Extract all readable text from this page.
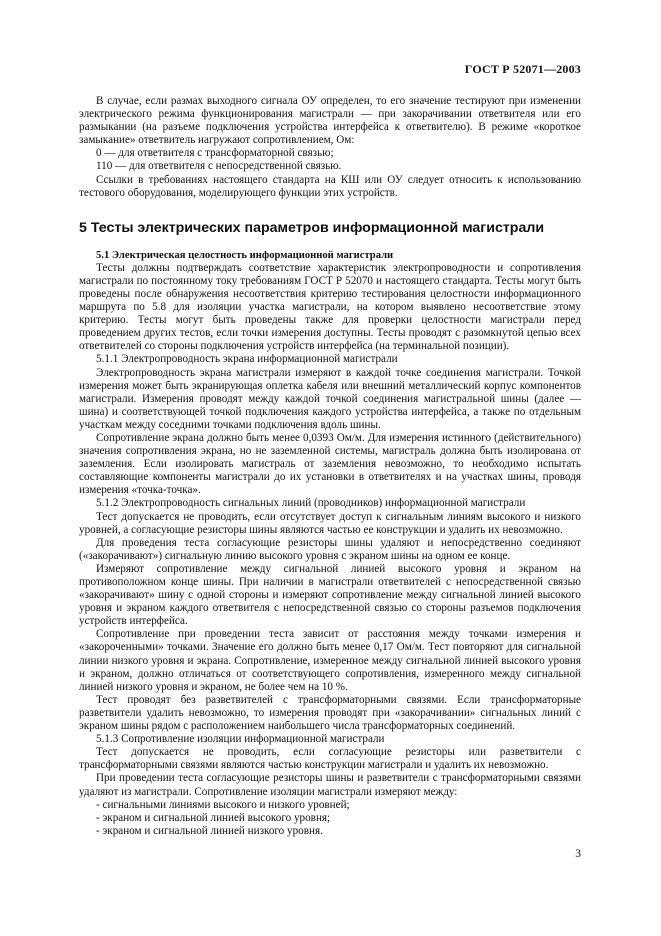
ГОСТ Р 52071—2003

В случае, если размах выходного сигнала ОУ определен, то его значение тестируют при изменении электрического режима функционирования магистрали — при закорачивании ответвителя или его размыкании (на разъеме подключения устройства интерфейса к ответвителю). В режиме «короткое замыкание» ответвитель нагружают сопротивлением, Ом:

0 — для ответвителя с трансформаторной связью;

110 — для ответвителя с непосредственной связью.

Ссылки в требованиях настоящего стандарта на КШ или ОУ следует относить к использованию тестового оборудования, моделирующего функции этих устройств.

5 Тесты электрических параметров информационной магистрали

5.1 Электрическая целостность информационной магистрали

Тесты должны подтверждать соответствие характеристик электропроводности и сопротивления магистрали по постоянному току требованиям ГОСТ Р 52070 и настоящего стандарта. Тесты могут быть проведены после обнаружения несоответствия критерию тестирования целостности информационного маршрута по 5.8 для изоляции участка магистрали, на котором выявлено несоответствие этому критерию. Тесты могут быть проведены также для проверки целостности магистрали перед проведением других тестов, если точки измерения доступны. Тесты проводят с разомкнутой цепью всех ответвителей со стороны подключения устройств интерфейса (на терминальной позиции).

5.1.1 Электропроводность экрана информационной магистрали

Электропроводность экрана магистрали измеряют в каждой точке соединения магистрали. Точкой измерения может быть экранирующая оплетка кабеля или внешний металлический корпус компонентов магистрали. Измерения проводят между каждой точкой соединения магистральной шины (далее — шина) и соответствующей точкой подключения каждого устройства интерфейса, а также по отдельным участкам между соседними точками подключения вдоль шины.

Сопротивление экрана должно быть менее 0,0393 Ом/м. Для измерения истинного (действительного) значения сопротивления экрана, но не заземленной системы, магистраль должна быть изолирована от заземления. Если изолировать магистраль от заземления невозможно, то необходимо испытать составляющие компоненты магистрали до их установки в ответвителях и на участках шины, проводя измерения «точка-точка».

5.1.2 Электропроводность сигнальных линий (проводников) информационной магистрали

Тест допускается не проводить, если отсутствует доступ к сигнальным линиям высокого и низкого уровней, а согласующие резисторы шины являются частью ее конструкции и удалить их невозможно.

Для проведения теста согласующие резисторы шины удаляют и непосредственно соединяют («закорачивают») сигнальную линию высокого уровня с экраном шины на одном ее конце.

Измеряют сопротивление между сигнальной линией высокого уровня и экраном на противоположном конце шины. При наличии в магистрали ответвителей с непосредственной связью «закорачивают» шину с одной стороны и измеряют сопротивление между сигнальной линией высокого уровня и экраном каждого ответвителя с непосредственной связью со стороны разъемов подключения устройств интерфейса.

Сопротивление при проведении теста зависит от расстояния между точками измерения и «закороченными» точками. Значение его должно быть менее 0,17 Ом/м. Тест повторяют для сигнальной линии низкого уровня и экрана. Сопротивление, измеренное между сигнальной линией высокого уровня и экраном, должно отличаться от соответствующего сопротивления, измеренного между сигнальной линией низкого уровня и экраном, не более чем на 10 %.

Тест проводят без разветвителей с трансформаторными связями. Если трансформаторные разветвители удалить невозможно, то измерения проводят при «закорачивании» сигнальных линий с экраном шины рядом с расположением наибольшего числа трансформаторных соединений.

5.1.3 Сопротивление изоляции информационной магистрали

Тест допускается не проводить, если согласующие резисторы или разветвители с трансформаторными связями являются частью конструкции магистрали и удалить их невозможно.

При проведении теста согласующие резисторы шины и разветвители с трансформаторными связями удаляют из магистрали. Сопротивление изоляции магистрали измеряют между:

- сигнальными линиями высокого и низкого уровней;

- экраном и сигнальной линией высокого уровня;

- экраном и сигнальной линией низкого уровня.

3
